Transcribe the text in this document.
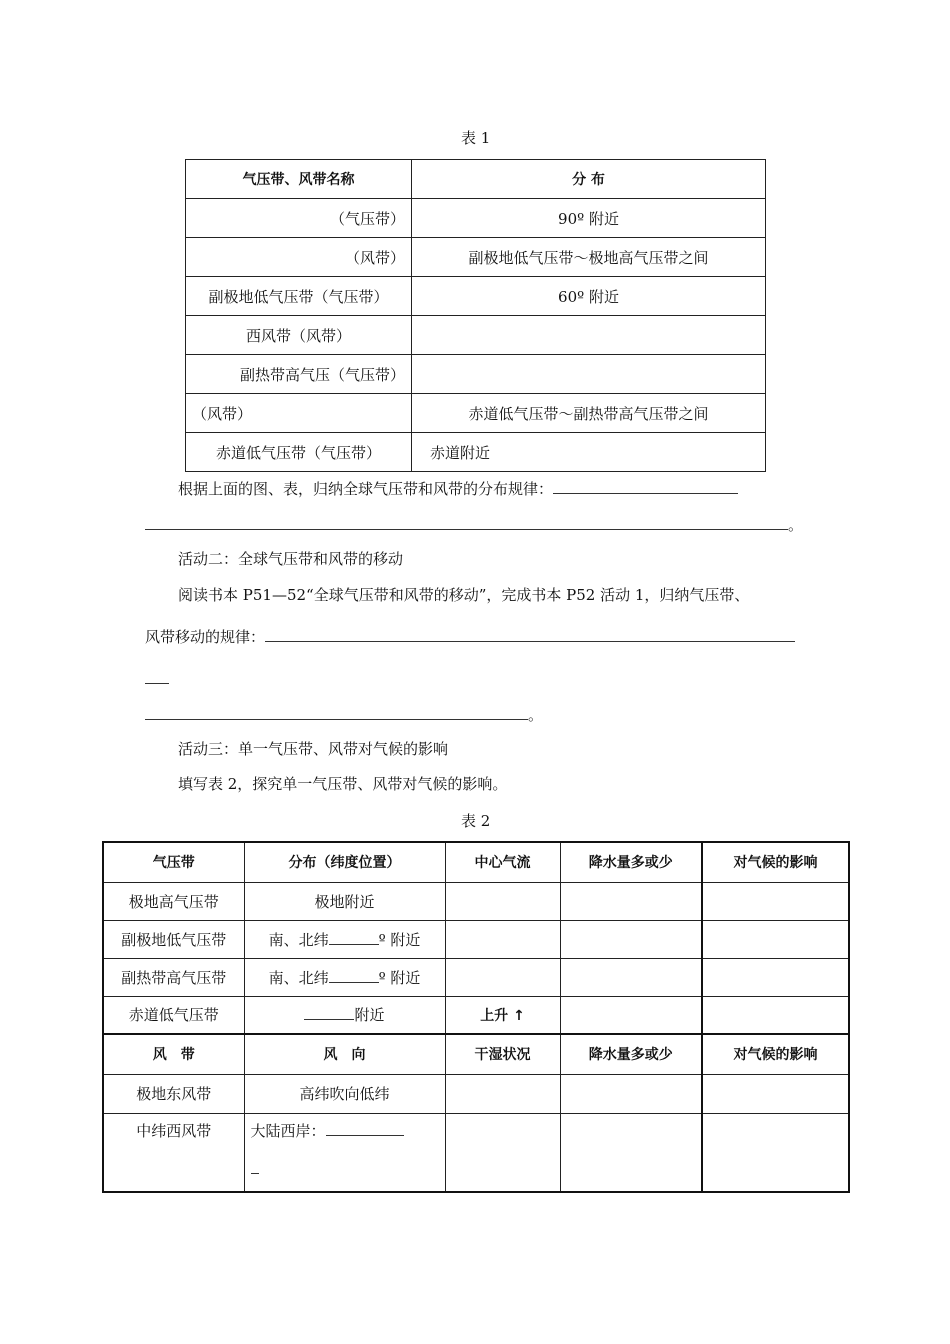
表 1
气压带、风带名称	分 布
（气压带）	90º 附近
（风带）	副极地低气压带～极地高气压带之间
副极地低气压带（气压带）	60º 附近
西风带（风带）	
副热带高气压（气压带）	
（风带）	赤道低气压带～副热带高气压带之间
赤道低气压带（气压带）	赤道附近
根据上面的图、表，归纳全球气压带和风带的分布规律：
。
活动二：全球气压带和风带的移动
阅读书本 P51—52“全球气压带和风带的移动”，完成书本 P52 活动 1，归纳气压带、
风带移动的规律：
。
活动三：单一气压带、风带对气候的影响
填写表 2，探究单一气压带、风带对气候的影响。
表 2
气压带	分布（纬度位置）	中心气流	降水量多或少	对气候的影响
极地高气压带	极地附近			
副极地低气压带	南、北纬 º 附近			
副热带高气压带	南、北纬 º 附近			
赤道低气压带	附近	上升 ↑		
风　带	风　向	干湿状况	降水量多或少	对气候的影响
极地东风带	高纬吹向低纬			
中纬西风带	大陆西岸：
